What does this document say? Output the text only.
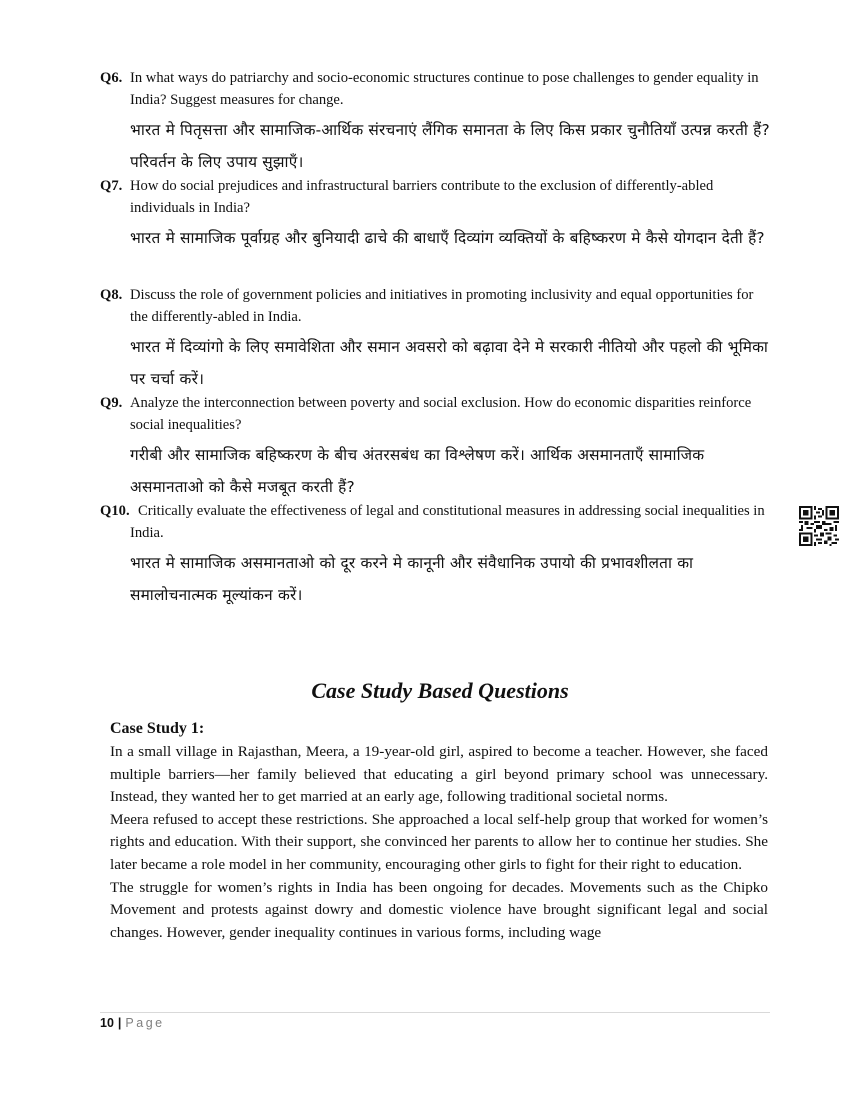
Q6. In what ways do patriarchy and socio-economic structures continue to pose challenges to gender equality in India? Suggest measures for change.
भारत मे पितृसत्ता और सामाजिक-आर्थिक संरचनाएं लैंगिक समानता के लिए किस प्रकार चुनौतियाँ उत्पन्न करती हैं? परिवर्तन के लिए उपाय सुझाएँ।
Q7. How do social prejudices and infrastructural barriers contribute to the exclusion of differently-abled individuals in India?
भारत मे सामाजिक पूर्वाग्रह और बुनियादी ढाचे की बाधाएँ दिव्यांग व्यक्तियों के बहिष्करण मे कैसे योगदान देती हैं?
Q8. Discuss the role of government policies and initiatives in promoting inclusivity and equal opportunities for the differently-abled in India.
भारत में दिव्यांगो के लिए समावेशिता और समान अवसरो को बढ़ावा देने मे सरकारी नीतियो और पहलो की भूमिका पर चर्चा करें।
Q9. Analyze the interconnection between poverty and social exclusion. How do economic disparities reinforce social inequalities?
गरीबी और सामाजिक बहिष्करण के बीच अंतरसबंध का विश्लेषण करें। आर्थिक असमानताएँ सामाजिक असमानताओ को कैसे मजबूत करती हैं?
Q10. Critically evaluate the effectiveness of legal and constitutional measures in addressing social inequalities in India.
भारत मे सामाजिक असमानताओ को दूर करने मे कानूनी और संवैधानिक उपायो की प्रभावशीलता का समालोचनात्मक मूल्यांकन करें।
Case Study Based Questions
Case Study 1:

In a small village in Rajasthan, Meera, a 19-year-old girl, aspired to become a teacher. However, she faced multiple barriers—her family believed that educating a girl beyond primary school was unnecessary. Instead, they wanted her to get married at an early age, following traditional societal norms.

Meera refused to accept these restrictions. She approached a local self-help group that worked for women’s rights and education. With their support, she convinced her parents to allow her to continue her studies. She later became a role model in her community, encouraging other girls to fight for their right to education.

The struggle for women’s rights in India has been ongoing for decades. Movements such as the Chipko Movement and protests against dowry and domestic violence have brought significant legal and social changes. However, gender inequality continues in various forms, including wage

10 | Page
